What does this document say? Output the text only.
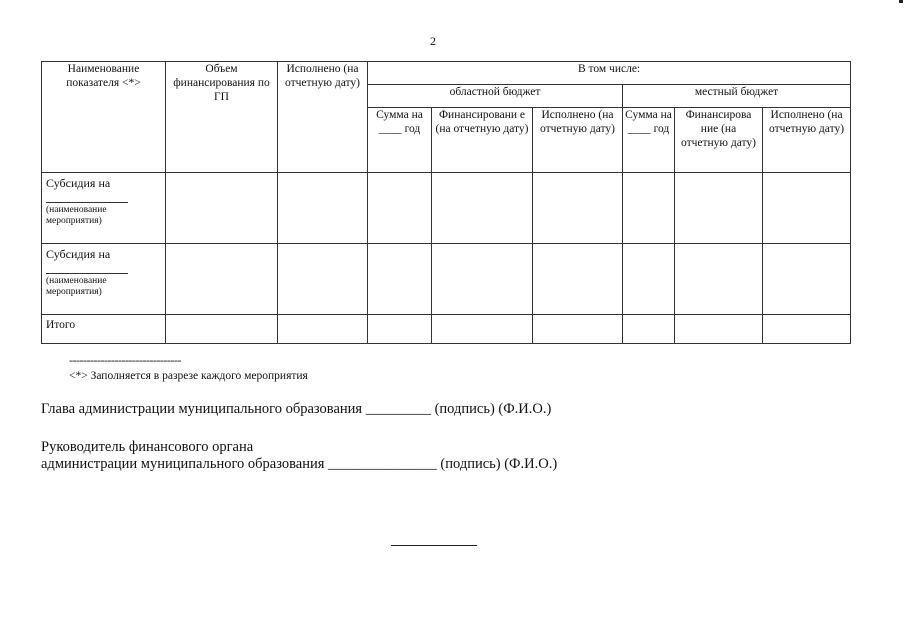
2
Наименование показателя <*>	Объем финансирования по ГП	Исполнено (на отчетную дату)	В том числе:					
			областной бюджет			местный бюджет		
			Сумма на ____ год	Финансировани е (на отчетную дату)	Исполнено (на отчетную дату)	Сумма на ____ год	Финансирова ние (на отчетную дату)	Исполнено (на отчетную дату)

Субсидия на
(наименование мероприятия)								

Субсидия на
(наименование мероприятия)								

Итого								
--------------------------------
<*> Заполняется в разрезе каждого мероприятия
Глава администрации муниципального образования _________ (подпись) (Ф.И.О.)
Руководитель финансового органа
администрации муниципального образования _______________ (подпись) (Ф.И.О.)
